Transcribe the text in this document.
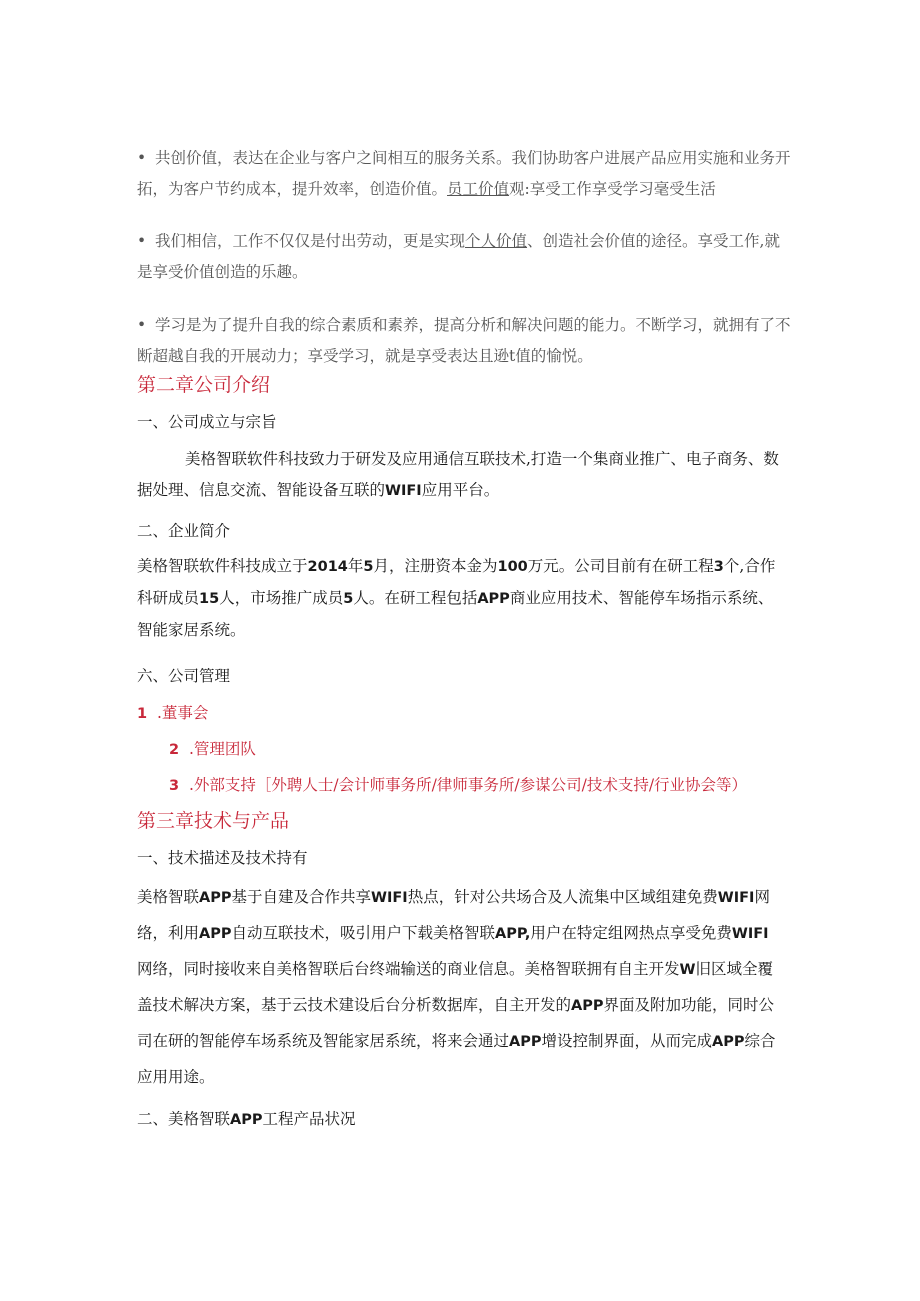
• 共创价值，表达在企业与客户之间相互的服务关系。我们协助客户进展产品应用实施和业务开
拓，为客户节约成本，提升效率，创造价值。员工价值观:享受工作享受学习毫受生活
• 我们相信，工作不仅仅是付出劳动，更是实现个人价值、创造社会价值的途径。享受工作,就
是享受价值创造的乐趣。
• 学习是为了提升自我的综合素质和素养，提高分析和解决问题的能力。不断学习，就拥有了不
断超越自我的开展动力；享受学习，就是享受表达且逊t值的愉悦。
第二章公司介绍
一、公司成立与宗旨
美格智联软件科技致力于研发及应用通信互联技术,打造一个集商业推广、电子商务、数
据处理、信息交流、智能设备互联的WIFI应用平台。
二、企业简介
美格智联软件科技成立于2014年5月，注册资本金为100万元。公司目前有在研工程3个,合作
科研成员15人，市场推广成员5人。在研工程包括APP商业应用技术、智能停车场指示系统、
智能家居系统。
六、公司管理
1 .董事会
2 .管理团队
3 .外部支持［外聘人士/会计师事务所/律师事务所/参谋公司/技术支持/行业协会等）
第三章技术与产品
一、技术描述及技术持有
美格智联APP基于自建及合作共享WIFI热点，针对公共场合及人流集中区域组建免费WIFI网
络，利用APP自动互联技术，吸引用户下载美格智联APP,用户在特定组网热点享受免费WIFI
网络，同时接收来自美格智联后台终端输送的商业信息。美格智联拥有自主开发W旧区域全覆
盖技术解决方案，基于云技术建设后台分析数据库，自主开发的APP界面及附加功能，同时公
司在研的智能停车场系统及智能家居系统，将来会通过APP增设控制界面，从而完成APP综合
应用用途。
二、美格智联APP工程产品状况
